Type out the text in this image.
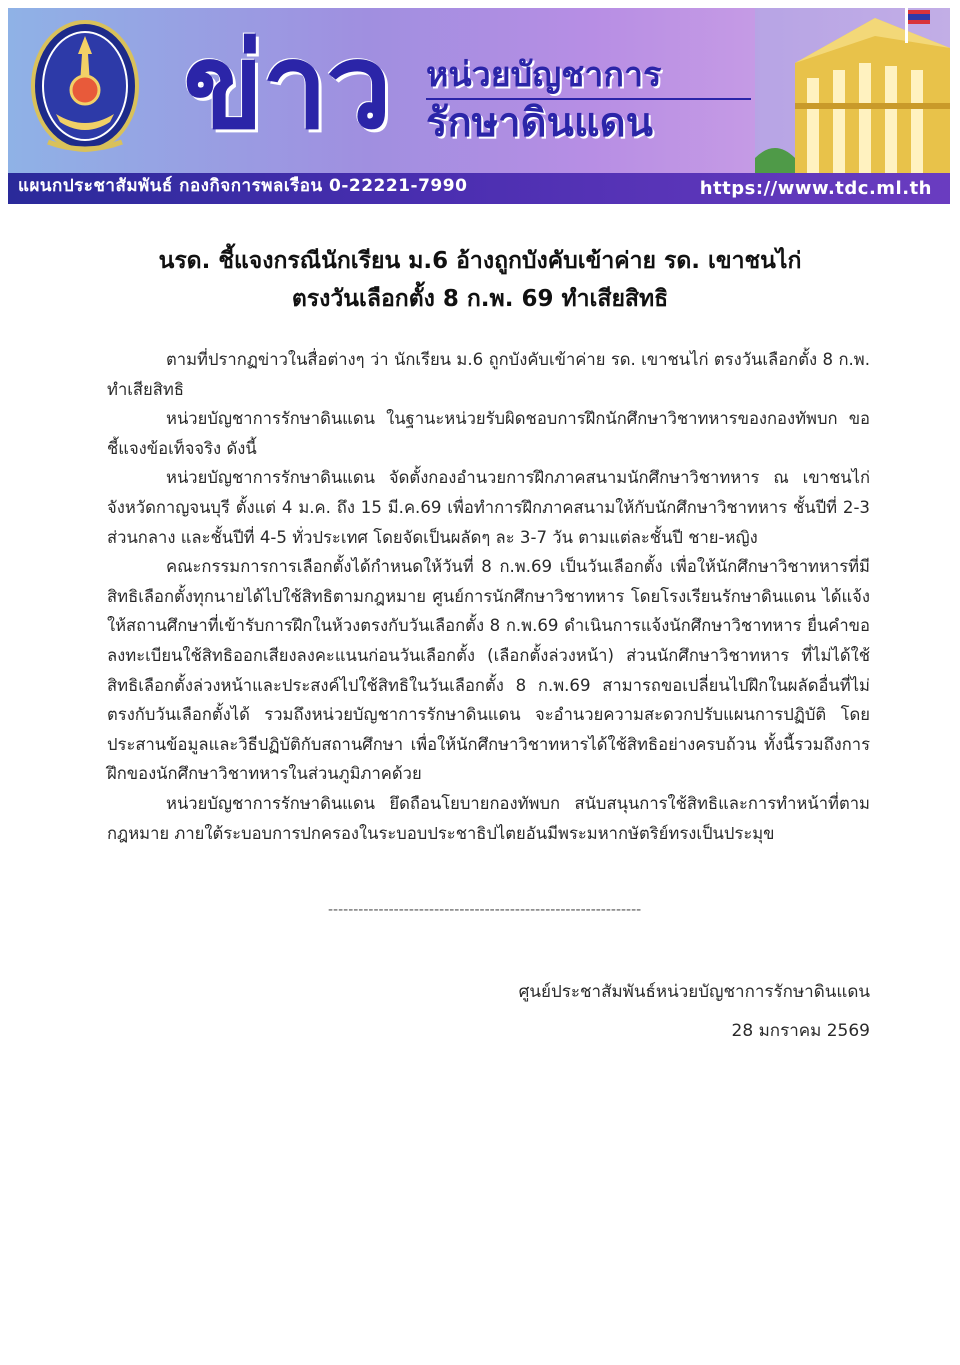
ข่าว หน่วยบัญชาการ
รักษาดินแดน
แผนกประชาสัมพันธ์ กองกิจการพลเรือน 0-22221-7990	https://www.tdc.ml.th
นรด. ชี้แจงกรณีนักเรียน ม.6 อ้างถูกบังคับเข้าค่าย รด. เขาชนไก่
ตรงวันเลือกตั้ง 8 ก.พ. 69 ทำเสียสิทธิ

ตามที่ปรากฏข่าวในสื่อต่างๆ ว่า นักเรียน ม.6 ถูกบังคับเข้าค่าย รด. เขาชนไก่ ตรงวันเลือกตั้ง 8 ก.พ. ทำเสียสิทธิ

หน่วยบัญชาการรักษาดินแดน ในฐานะหน่วยรับผิดชอบการฝึกนักศึกษาวิชาทหารของกองทัพบก ขอชี้แจงข้อเท็จจริง ดังนี้

หน่วยบัญชาการรักษาดินแดน จัดตั้งกองอำนวยการฝึกภาคสนามนักศึกษาวิชาทหาร ณ เขาชนไก่ จังหวัดกาญจนบุรี ตั้งแต่ 4 ม.ค. ถึง 15 มี.ค.69 เพื่อทำการฝึกภาคสนามให้กับนักศึกษาวิชาทหาร ชั้นปีที่ 2-3 ส่วนกลาง และชั้นปีที่ 4-5 ทั่วประเทศ โดยจัดเป็นผลัดๆ ละ 3-7 วัน ตามแต่ละชั้นปี ชาย-หญิง

คณะกรรมการการเลือกตั้งได้กำหนดให้วันที่ 8 ก.พ.69 เป็นวันเลือกตั้ง เพื่อให้นักศึกษาวิชาทหารที่มีสิทธิเลือกตั้งทุกนายได้ไปใช้สิทธิตามกฎหมาย ศูนย์การนักศึกษาวิชาทหาร โดยโรงเรียนรักษาดินแดน ได้แจ้งให้สถานศึกษาที่เข้ารับการฝึกในห้วงตรงกับวันเลือกตั้ง 8 ก.พ.69 ดำเนินการแจ้งนักศึกษาวิชาทหาร ยื่นคำขอลงทะเบียนใช้สิทธิออกเสียงลงคะแนนก่อนวันเลือกตั้ง (เลือกตั้งล่วงหน้า) ส่วนนักศึกษาวิชาทหาร ที่ไม่ได้ใช้สิทธิเลือกตั้งล่วงหน้าและประสงค์ไปใช้สิทธิในวันเลือกตั้ง 8 ก.พ.69 สามารถขอเปลี่ยนไปฝึกในผลัดอื่นที่ไม่ตรงกับวันเลือกตั้งได้ รวมถึงหน่วยบัญชาการรักษาดินแดน จะอำนวยความสะดวกปรับแผนการปฏิบัติ โดยประสานข้อมูลและวิธีปฏิบัติกับสถานศึกษา เพื่อให้นักศึกษาวิชาทหารได้ใช้สิทธิอย่างครบถ้วน ทั้งนี้รวมถึงการฝึกของนักศึกษาวิชาทหารในส่วนภูมิภาคด้วย

หน่วยบัญชาการรักษาดินแดน ยึดถือนโยบายกองทัพบก สนับสนุนการใช้สิทธิและการทำหน้าที่ตามกฎหมาย ภายใต้ระบอบการปกครองในระบอบประชาธิปไตยอันมีพระมหากษัตริย์ทรงเป็นประมุข

--------------------------------------------------------------
ศูนย์ประชาสัมพันธ์หน่วยบัญชาการรักษาดินแดน
28 มกราคม 2569
